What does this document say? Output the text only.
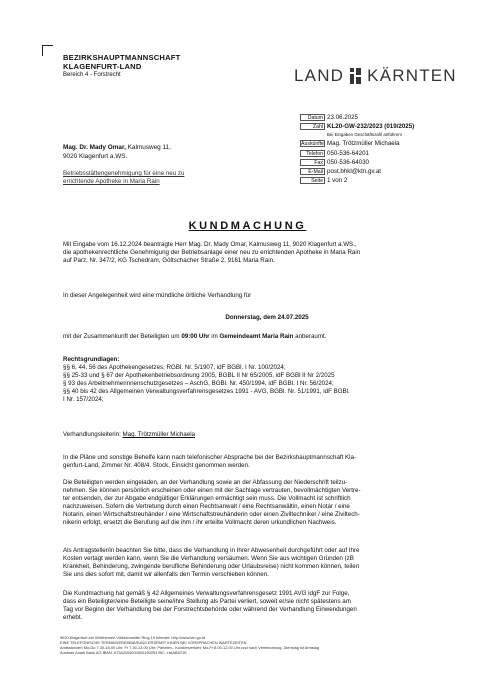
BEZIRKSHAUPTMANNSCHAFT
KLAGENFURT-LAND
Bereich 4 - Forstrecht	LAND KÄRNTEN
Datum 23.06.2025
Zahl KL20-GW-232/2023 (019/2025)
Bei Eingaben Geschäftszahl anführen!
Auskünfte Mag. Trötzmüller Michaela
Telefon 050-536-64201
Fax 050-536-64030
E-Mail post.bhkl@ktn.gv.at
Seite 1 von 2
Mag. Dr. Mady Omar, Kalmusweg 11,
9020 Klagenfurt a.WS.
Betriebsstättengenehmigung für eine neu zu
errichtende Apotheke in Maria Rain
KUNDMACHUNG

Mit Eingabe vom 16.12.2024 beantragte Herr Mag. Dr. Mady Omar, Kalmusweg 11, 9020 Klagenfurt a.WS.,

die apothekenrechtliche Genehmigung der Betriebsanlage einer neu zu errichtenden Apotheke in Maria Rain

auf Parz. Nr. 347/2, KG Tschedram, Göltschacher Straße 2, 9161 Maria Rain.

In dieser Angelegenheit wird eine mündliche örtliche Verhandlung für

Donnerstag, dem 24.07.2025

mit der Zusammenkunft der Beteiligten um 09:00 Uhr im Gemeindeamt Maria Rain anberaumt.

Rechtsgrundlagen:

§§ 6, 44, 56 des Apothekengesetzes, RGBl. Nr. 5/1907, idF BGBl. I Nr. 100/2024;

§§ 25-33 und § 67 der Apothekenbetriebsordnung 2005, BGBL II Nr 65/2005, idF BGBl II Nr 2/2025

§ 93 des Arbeitnehmerinnenschutzgesetzes – AschG, BGBl. Nr. 450/1994, idF BGBl. I Nr. 56/2024;

§§ 40 bis 42 des Allgemeinen Verwaltungsverfahrensgesetzes 1991 - AVG, BGBl. Nr. 51/1991, idF BGBl.

I Nr. 157/2024;

Verhandlungsleiterin: Mag. Trötzmüller Michaela

In die Pläne und sonstige Behelfe kann nach telefonischer Absprache bei der Bezirkshauptmannschaft Kla-

genfurt-Land, Zimmer Nr. 408/4. Stock, Einsicht genommen werden.

Die Beteiligten werden eingeladen, an der Verhandlung sowie an der Abfassung der Niederschrift teilzu-

nehmen. Sie können persönlich erscheinen oder einen mit der Sachlage vertrauten, bevollmächtigten Vertre-

ter entsenden, der zur Abgabe endgültiger Erklärungen ermächtigt sein muss. Die Vollmacht ist schriftlich

nachzuweisen. Sofern die Vertretung durch einen Rechtsanwalt / eine Rechtsanwältin, einen Notar / eine

Notarin, einen Wirtschaftstreuhänder / eine Wirtschaftstreuhänderin oder einen Ziviltechniker / eine Ziviltech-

nikerin erfolgt, ersetzt die Berufung auf die ihm / ihr erteilte Vollmacht deren urkundlichen Nachweis.

Als Antragsteller/in beachten Sie bitte, dass die Verhandlung in Ihrer Abwesenheit durchgeführt oder auf Ihre

Kosten vertagt werden kann, wenn Sie die Verhandlung versäumen. Wenn Sie aus wichtigen Gründen (zB

Krankheit, Behinderung, zwingende berufliche Behinderung oder Urlaubsreise) nicht kommen können, teilen

Sie uns dies sofort mit, damit wir allenfalls den Termin verschieben können.

Die Kundmachung hat gemäß § 42 Allgemeines Verwaltungsverfahrensgesetz 1991 AVG idgF zur Folge,

dass ein Beteiligter/eine Beteiligte seine/ihre Stellung als Partei verliert, soweit er/sie nicht spätestens am

Tag vor Beginn der Verhandlung bei der Forstrechtsbehörde oder während der Verhandlung Einwendungen

erhebt.

9020 Klagenfurt am Wörthersee Völkermarkter Ring 19 Internet: http://www.ktn.gv.at
EINE TELEFONISCHE TERMINVEREINBARUNG ERSPART IHNEN BEI VORSPRACHEN WARTEZEITEN
Amtsstunden Mo-Do 7.30-16.00 Uhr, Fr 7.30-13.00 Uhr; Parteien-, Kundenverkehr Mo-Fr 8.00-12.00 Uhr und nach Vereinbarung, Dienstag ist Amtstag
Austrian Anadi Bank AG IBAN: AT342000000000150093 BIC: HAABAT2K
